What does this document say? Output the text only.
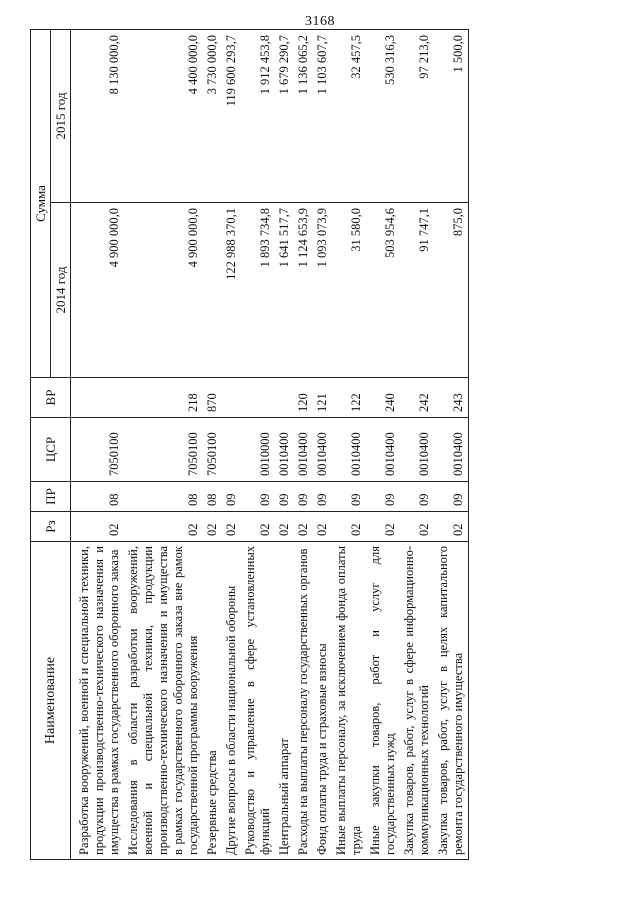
3168
Наименование	Рз	ПР	ЦСР	ВР	Сумма	
					2014 год	2015 год

Разработка вооружений, военной и специальной техники, продукции производственно-технического назначения и имущества в рамках государственного оборонного заказа	02	08	7050100		4 900 000,0	8 130 000,0
Исследования в области разработки вооружений, военной и специальной техники, продукции производственно-технического назначения и имущества в рамках государственного оборонного заказа вне рамок государственной программы вооружения	02	08	7050100	218	4 900 000,0	4 400 000,0
Резервные средства	02	08	7050100	870		3 730 000,0
Другие вопросы в области национальной обороны	02	09			122 988 370,1	119 600 293,7
Руководство и управление в сфере установленных функций	02	09	0010000		1 893 734,8	1 912 453,8
Центральный аппарат	02	09	0010400		1 641 517,7	1 679 290,7
Расходы на выплаты персоналу государственных органов	02	09	0010400	120	1 124 653,9	1 136 065,2
Фонд оплаты труда и страховые взносы	02	09	0010400	121	1 093 073,9	1 103 607,7
Иные выплаты персоналу, за исключением фонда оплаты труда	02	09	0010400	122	31 580,0	32 457,5
Иные закупки товаров, работ и услуг для государственных нужд	02	09	0010400	240	503 954,6	530 316,3
Закупка товаров, работ, услуг в сфере информационно-коммуникационных технологий	02	09	0010400	242	91 747,1	97 213,0
Закупка товаров, работ, услуг в целях капитального ремонта государственного имущества	02	09	0010400	243	875,0	1 500,0
